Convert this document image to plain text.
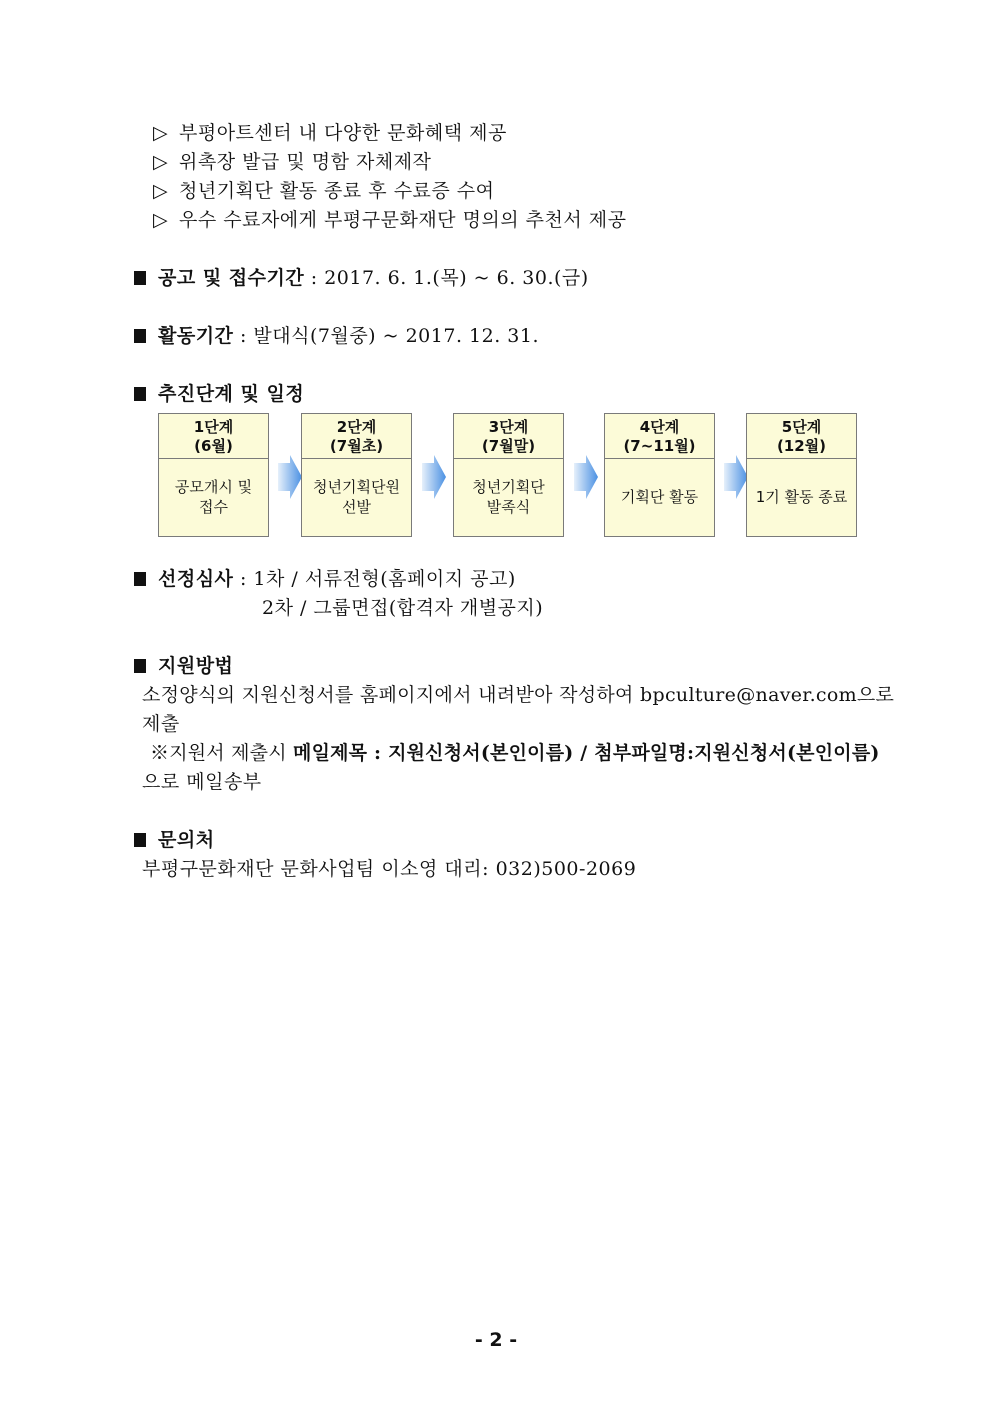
▷ 부평아트센터 내 다양한 문화혜택 제공
▷ 위촉장 발급 및 명함 자체제작
▷ 청년기획단 활동 종료 후 수료증 수여
▷ 우수 수료자에게 부평구문화재단 명의의 추천서 제공
공고 및 접수기간 : 2017. 6. 1.(목) ~ 6. 30.(금)
활동기간 : 발대식(7월중) ~ 2017. 12. 31.
추진단계 및 일정
1단계
(6월)
공모개시 및
접수
2단계
(7월초)
청년기획단원
선발
3단계
(7월말)
청년기획단
발족식
4단계
(7~11월)
기획단 활동
5단계
(12월)
1기 활동 종료
선정심사 : 1차 / 서류전형(홈페이지 공고)
2차 / 그룹면접(합격자 개별공지)
지원방법
소정양식의 지원신청서를 홈페이지에서 내려받아 작성하여 bpculture@naver.com으로
제출
※지원서 제출시 메일제목 : 지원신청서(본인이름) / 첨부파일명:지원신청서(본인이름)
으로 메일송부
문의처
부평구문화재단 문화사업팀 이소영 대리: 032)500-2069
- 2 -
